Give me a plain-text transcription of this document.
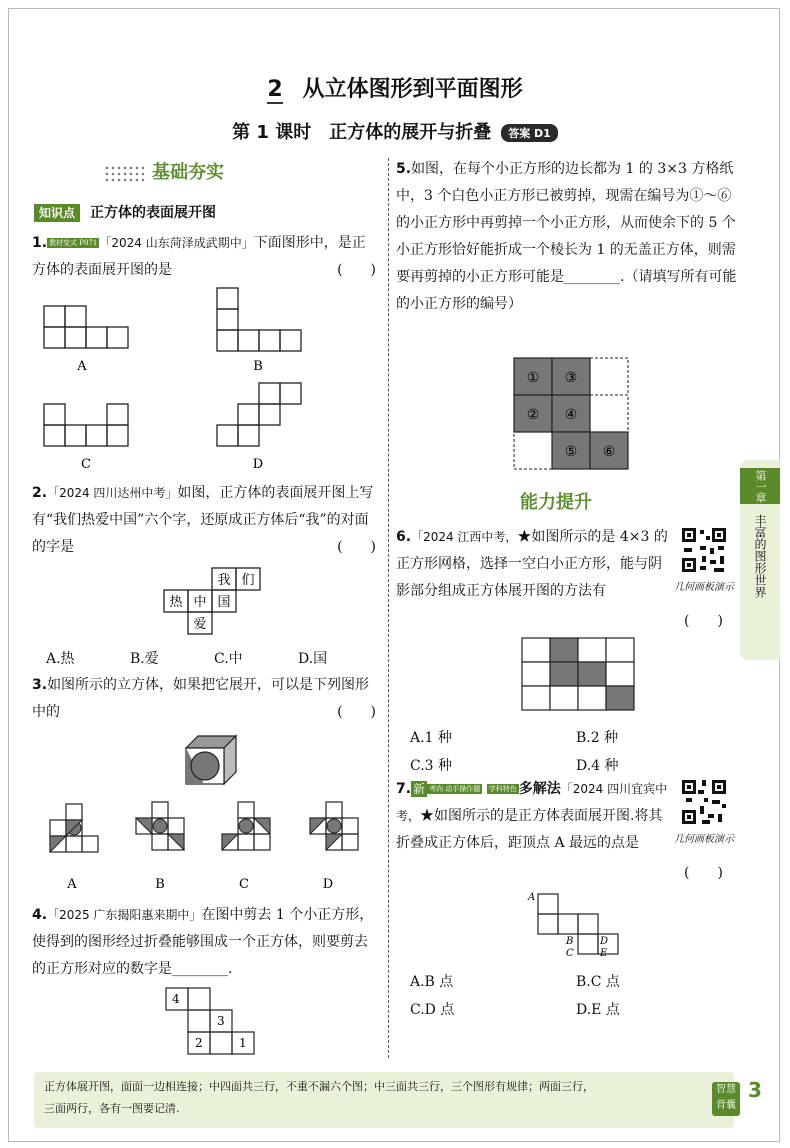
2 从立体图形到平面图形
第 1 课时　正方体的展开与折叠 答案 D1
基础夯实
知识点 正方体的表面展开图
1. 教材变式 P071 「2024 山东菏泽成武期中」下面图形中，是正方体的表面展开图的是	(　　)
A	B
C	D
2.「2024 四川达州中考」如图，正方体的表面展开图上写有“我们热爱中国”六个字，还原成正方体后“我”的对面的字是	(　　)
我 们
热 中 国
爱
A.热	B.爱	C.中	D.国
3.如图所示的立方体，如果把它展开，可以是下列图形中的	(　　)
A	B	C	D
4.「2025 广东揭阳惠来期中」在图中剪去 1 个小正方形，使得到的图形经过折叠能够围成一个正方体，则要剪去的正方形对应的数字是________.
4
3
2	1
5.如图，在每个小正方形的边长都为 1 的 3×3 方格纸中，3 个白色小正方形已被剪掉，现需在编号为①～⑥的小正方形中再剪掉一个小正方形，从而使余下的 5 个小正方形恰好能折成一个棱长为 1 的无盖正方体，则需要再剪掉的小正方形可能是________.（请填写所有可能的小正方形的编号）
① ③
② ④
⑤ ⑥
能力提升
6.「2024 江西中考，★如图所示的是 4×3 的正方形网格，选择一空白小正方形，能与阴影部分组成正方体展开图的方法有
(　　)
几何画板演示
A.1 种	B.2 种
C.3 种	D.4 种
7. 新 考向 动手操作题 学科特色 多解法「2024 四川宜宾中考，★如图所示的是正方体表面展开图.将其折叠成正方体后，距顶点 A 最远的点是
(　　)
几何画板演示
A
B
C
D
E
A.B 点	B.C 点
C.D 点	D.E 点
第一章
丰富的图形世界
正方体展开图，面面一边相连接；中四面共三行，不重不漏六个图；中三面共三行，三个图形有规律；两面三行，
三面两行，各有一图要记清.
智慧背囊
3
